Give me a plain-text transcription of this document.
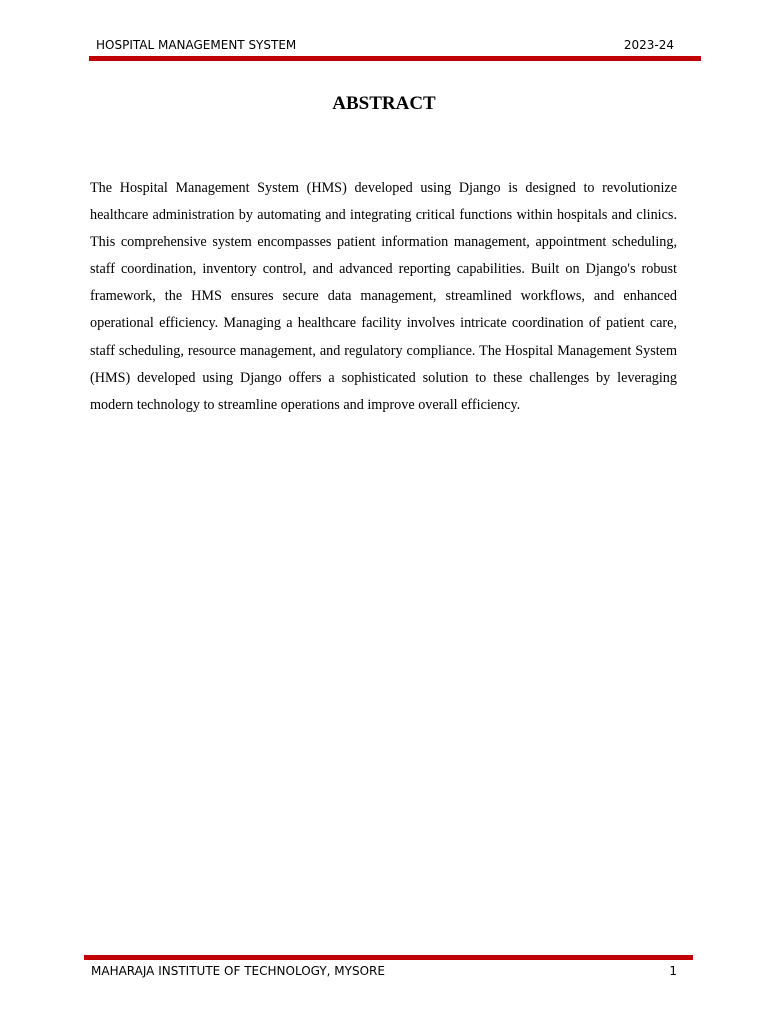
HOSPITAL MANAGEMENT SYSTEM	2023-24
ABSTRACT

The Hospital Management System (HMS) developed using Django is designed to revolutionize healthcare administration by automating and integrating critical functions within hospitals and clinics. This comprehensive system encompasses patient information management, appointment scheduling, staff coordination, inventory control, and advanced reporting capabilities. Built on Django's robust framework, the HMS ensures secure data management, streamlined workflows, and enhanced operational efficiency. Managing a healthcare facility involves intricate coordination of patient care, staff scheduling, resource management, and regulatory compliance. The Hospital Management System (HMS) developed using Django offers a sophisticated solution to these challenges by leveraging modern technology to streamline operations and improve overall efficiency.

MAHARAJA INSTITUTE OF TECHNOLOGY, MYSORE	1
